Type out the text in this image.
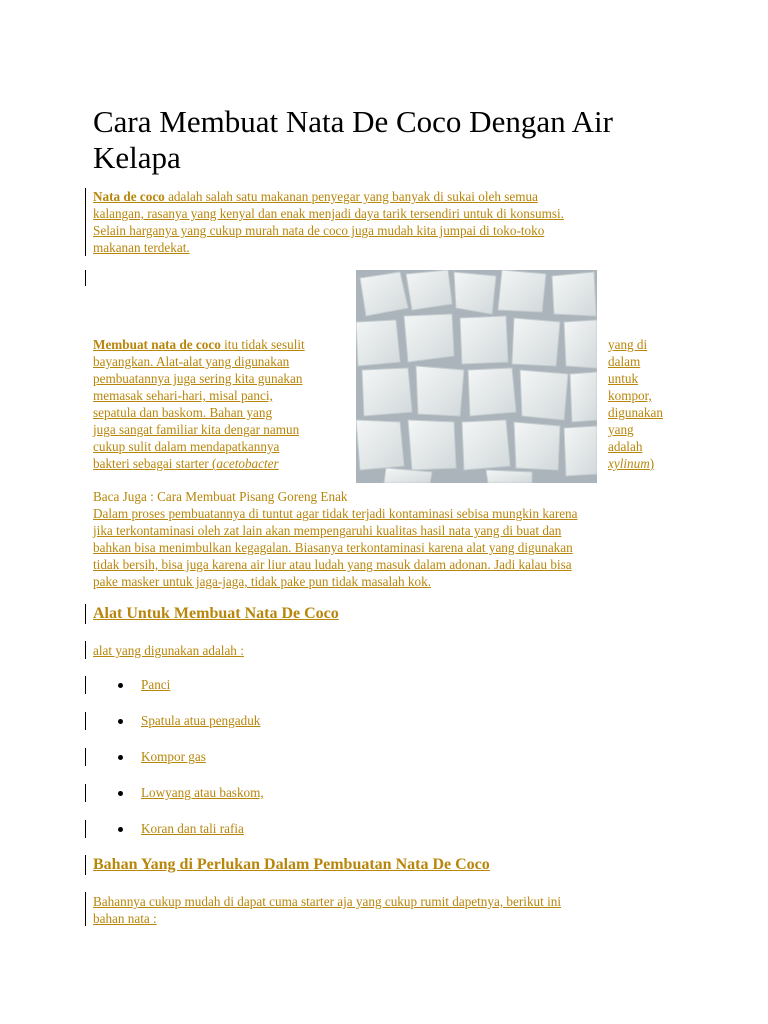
Cara Membuat Nata De Coco Dengan Air Kelapa
Nata de coco adalah salah satu makanan penyegar yang banyak di sukai oleh semua
kalangan, rasanya yang kenyal dan enak menjadi daya tarik tersendiri untuk di konsumsi.
Selain harganya yang cukup murah nata de coco juga mudah kita jumpai di toko-toko
makanan terdekat.
Membuat nata de coco itu tidak sesulit
bayangkan. Alat-alat yang digunakan
pembuatannya juga sering kita gunakan
memasak sehari-hari, misal panci,
sepatula dan baskom. Bahan yang
juga sangat familiar kita dengar namun
cukup sulit dalam mendapatkannya
bakteri sebagai starter (acetobacter
yang di
dalam
untuk
kompor,
digunakan
yang
adalah
xylinum)
Baca Juga : Cara Membuat Pisang Goreng Enak
Dalam proses pembuatannya di tuntut agar tidak terjadi kontaminasi sebisa mungkin karena
jika terkontaminasi oleh zat lain akan mempengaruhi kualitas hasil nata yang di buat dan
bahkan bisa menimbulkan kegagalan. Biasanya terkontaminasi karena alat yang digunakan
tidak bersih, bisa juga karena air liur atau ludah yang masuk dalam adonan. Jadi kalau bisa
pake masker untuk jaga-jaga, tidak pake pun tidak masalah kok.
Alat Untuk Membuat Nata De Coco
alat yang digunakan adalah :
Panci
Spatula atua pengaduk
Kompor gas
Lowyang atau baskom,
Koran dan tali rafia
Bahan Yang di Perlukan Dalam Pembuatan Nata De Coco
Bahannya cukup mudah di dapat cuma starter aja yang cukup rumit dapetnya, berikut ini
bahan nata :
